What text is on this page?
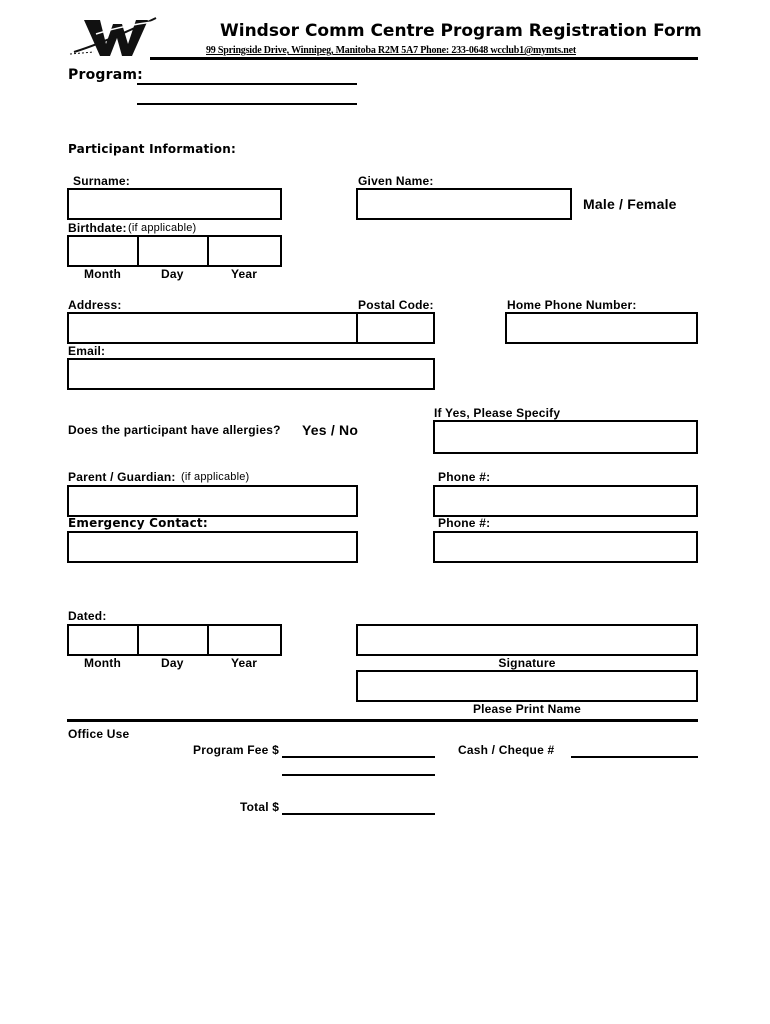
Windsor Comm Centre Program Registration Form
99 Springside Drive, Winnipeg, Manitoba R2M 5A7 Phone: 233-0648 wcclub1@mymts.net
Program:
Participant Information:
Surname:	Given Name:
Male / Female
Birthdate: (if applicable)
Month	Day	Year
Address:	Postal Code:	Home Phone Number:
Email:
If Yes, Please Specify
Does the participant have allergies? Yes / No
Parent / Guardian: (if applicable)	Phone #:
Emergency Contact:	Phone #:
Dated:
Month	Day	Year	Signature
Please Print Name
Office Use
Program Fee $	Cash / Cheque #
Total $
